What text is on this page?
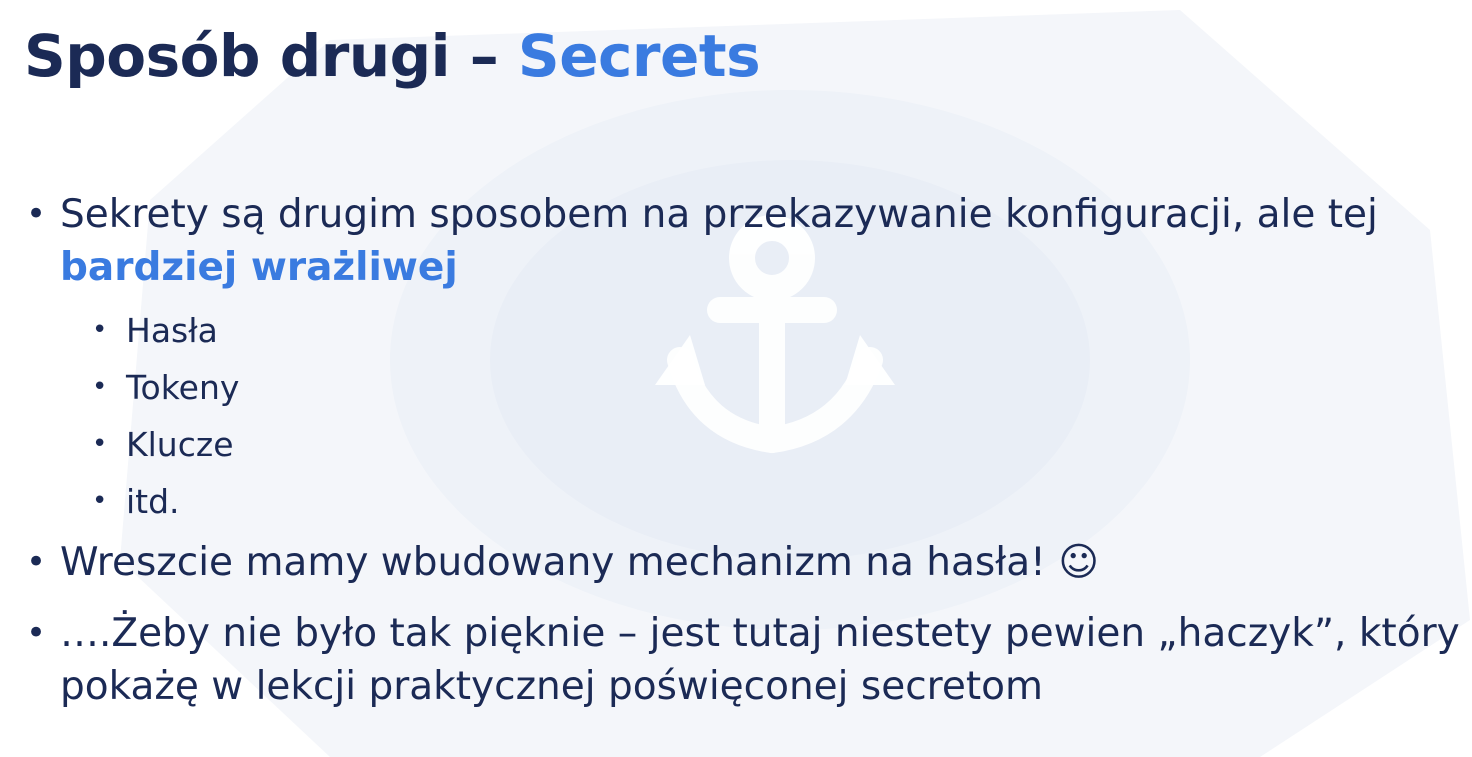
Sposób drugi – Secrets
• Sekrety są drugim sposobem na przekazywanie konfiguracji, ale tej bardziej wrażliwej
• Hasła
• Tokeny
• Klucze
• itd.
• Wreszcie mamy wbudowany mechanizm na hasła! ☺
• ….Żeby nie było tak pięknie – jest tutaj niestety pewien „haczyk”, który pokażę w lekcji praktycznej poświęconej secretom
